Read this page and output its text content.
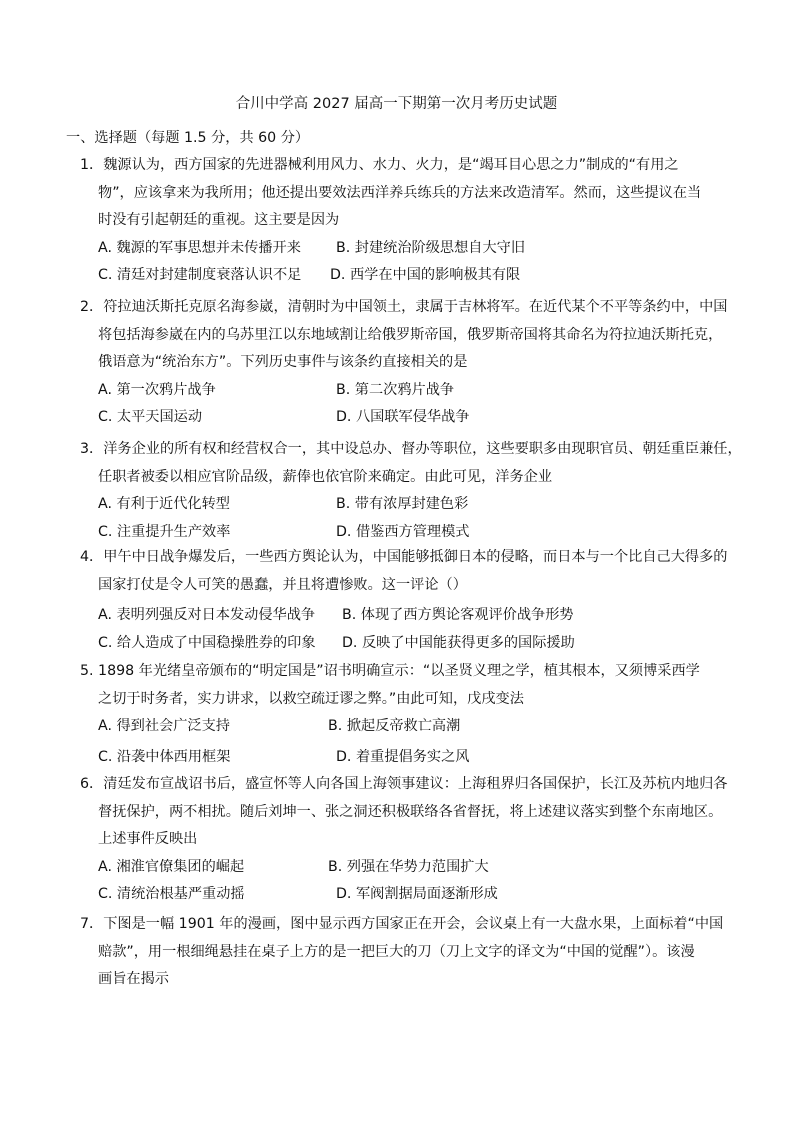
合川中学高 2027 届高一下期第一次月考历史试题
一、选择题（每题 1.5 分，共 60 分）
1．魏源认为，西方国家的先进器械利用风力、水力、火力，是“竭耳目心思之力”制成的“有用之
物”，应该拿来为我所用；他还提出要效法西洋养兵练兵的方法来改造清军。然而，这些提议在当
时没有引起朝廷的重视。这主要是因为
A. 魏源的军事思想并未传播开来 B. 封建统治阶级思想自大守旧
C. 清廷对封建制度衰落认识不足 D. 西学在中国的影响极其有限
2．符拉迪沃斯托克原名海参崴，清朝时为中国领土，隶属于吉林将军。在近代某个不平等条约中，中国
将包括海参崴在内的乌苏里江以东地域割让给俄罗斯帝国，俄罗斯帝国将其命名为符拉迪沃斯托克，
俄语意为“统治东方”。下列历史事件与该条约直接相关的是
A. 第一次鸦片战争	B. 第二次鸦片战争
C. 太平天国运动	D. 八国联军侵华战争
3．洋务企业的所有权和经营权合一，其中设总办、督办等职位，这些要职多由现职官员、朝廷重臣兼任，
任职者被委以相应官阶品级，薪俸也依官阶来确定。由此可见，洋务企业
A. 有利于近代化转型	B. 带有浓厚封建色彩
C. 注重提升生产效率	D. 借鉴西方管理模式
4．甲午中日战争爆发后，一些西方舆论认为，中国能够抵御日本的侵略，而日本与一个比自己大得多的
国家打仗是令人可笑的愚蠢，并且将遭惨败。这一评论（）
A. 表明列强反对日本发动侵华战争 B. 体现了西方舆论客观评价战争形势
C. 给人造成了中国稳操胜券的印象 D. 反映了中国能获得更多的国际援助
5. 1898 年光绪皇帝颁布的“明定国是”诏书明确宣示：“以圣贤义理之学，植其根本，又须博采西学
之切于时务者，实力讲求，以救空疏迂谬之弊。”由此可知，戊戌变法
A. 得到社会广泛支持	B. 掀起反帝救亡高潮
C. 沿袭中体西用框架	D. 着重提倡务实之风
6．清廷发布宣战诏书后，盛宣怀等人向各国上海领事建议：上海租界归各国保护，长江及苏杭内地归各
督抚保护，两不相扰。随后刘坤一、张之洞还积极联络各省督抚，将上述建议落实到整个东南地区。
上述事件反映出
A. 湘淮官僚集团的崛起	B. 列强在华势力范围扩大
C. 清统治根基严重动摇	D. 军阀割据局面逐渐形成
7．下图是一幅 1901 年的漫画，图中显示西方国家正在开会，会议桌上有一大盘水果，上面标着“中国
赔款”，用一根细绳悬挂在桌子上方的是一把巨大的刀（刀上文字的译文为“中国的觉醒”）。该漫
画旨在揭示
